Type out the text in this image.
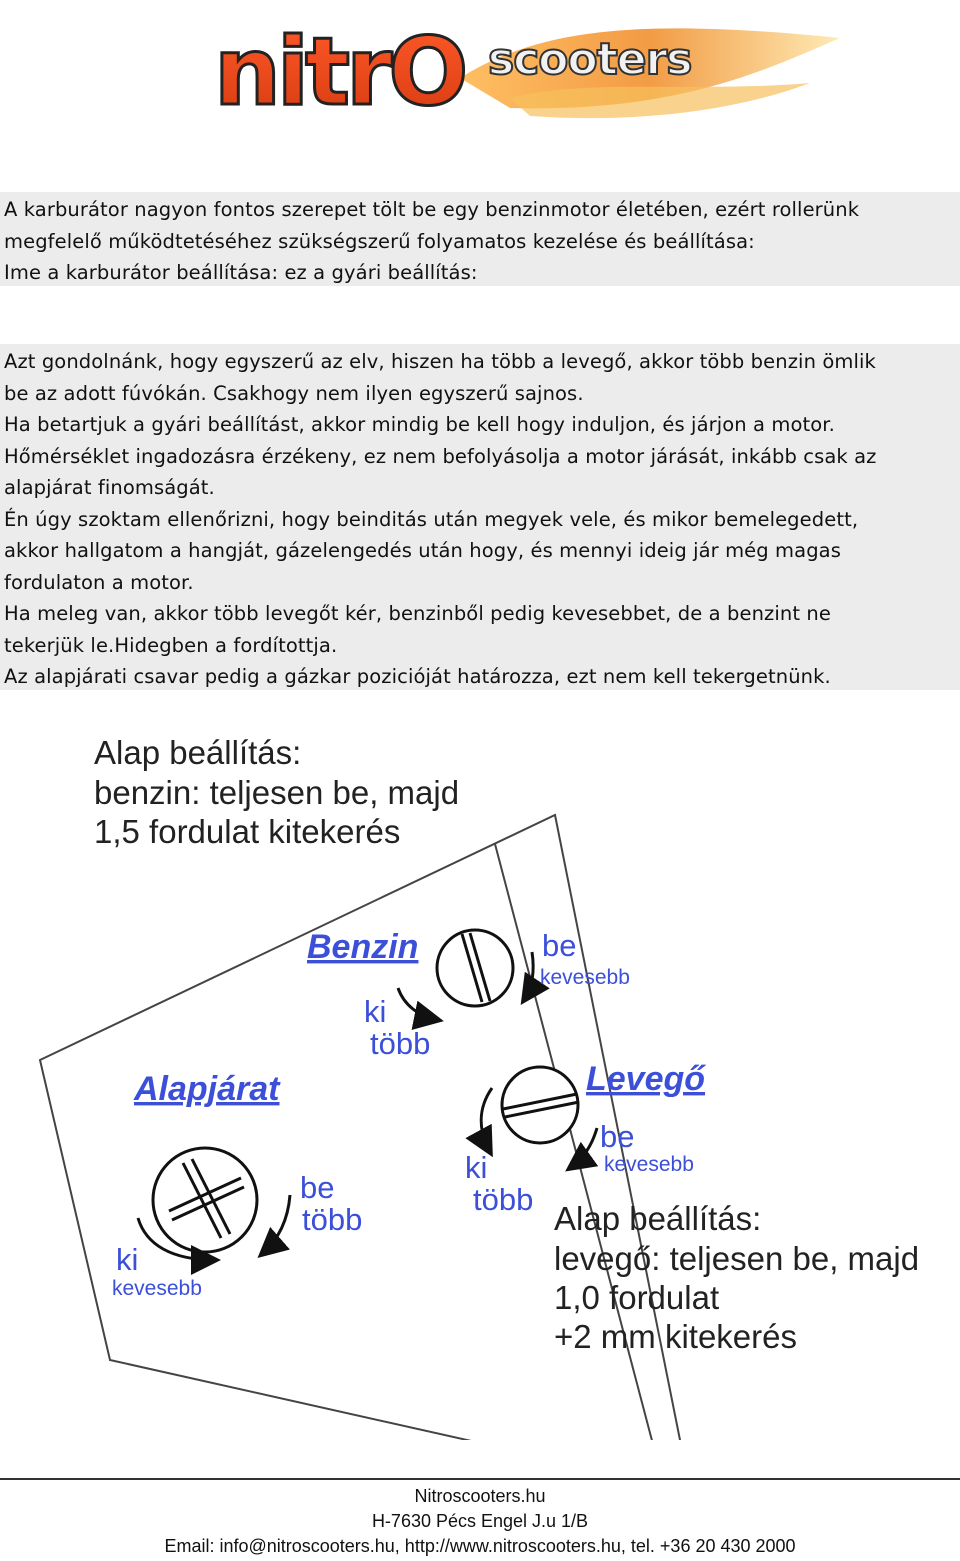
nitrO scooters

A karburátor nagyon fontos szerepet tölt be egy benzinmotor életében, ezért rollerünk

megfelelő működtetéséhez szükségszerű folyamatos kezelése és beállítása:

Ime a karburátor beállítása: ez a gyári beállítás:

Azt gondolnánk, hogy egyszerű az elv, hiszen ha több a levegő, akkor több benzin ömlik

be az adott fúvókán. Csakhogy nem ilyen egyszerű sajnos.

Ha betartjuk a gyári beállítást, akkor mindig be kell hogy induljon, és járjon a motor.

Hőmérséklet ingadozásra érzékeny, ez nem befolyásolja a motor járását, inkább csak az

alapjárat finomságát.

Én úgy szoktam ellenőrizni, hogy beinditás után megyek vele, és mikor bemelegedett,

akkor hallgatom a hangját, gázelengedés után hogy, és mennyi ideig jár még magas

fordulaton a motor.

Ha meleg van, akkor több levegőt kér, benzinből pedig kevesebbet, de a benzint ne

tekerjük le.Hidegben a fordítottja.

Az alapjárati csavar pedig a gázkar pozicióját határozza, ezt nem kell tekergetnünk.

Alap beállítás:
benzin: teljesen be, majd
1,5 fordulat kitekerés
Benzin	be
kevesebb
ki
több
Levegő
be
kevesebb
ki
több
Alapjárat
be
több
ki
kevesebb
Alap beállítás:
levegő: teljesen be, majd
1,0 fordulat
+2 mm kitekerés
Nitroscooters.hu
H-7630 Pécs Engel J.u 1/B
Email: info@nitroscooters.hu, http://www.nitroscooters.hu, tel. +36 20 430 2000
